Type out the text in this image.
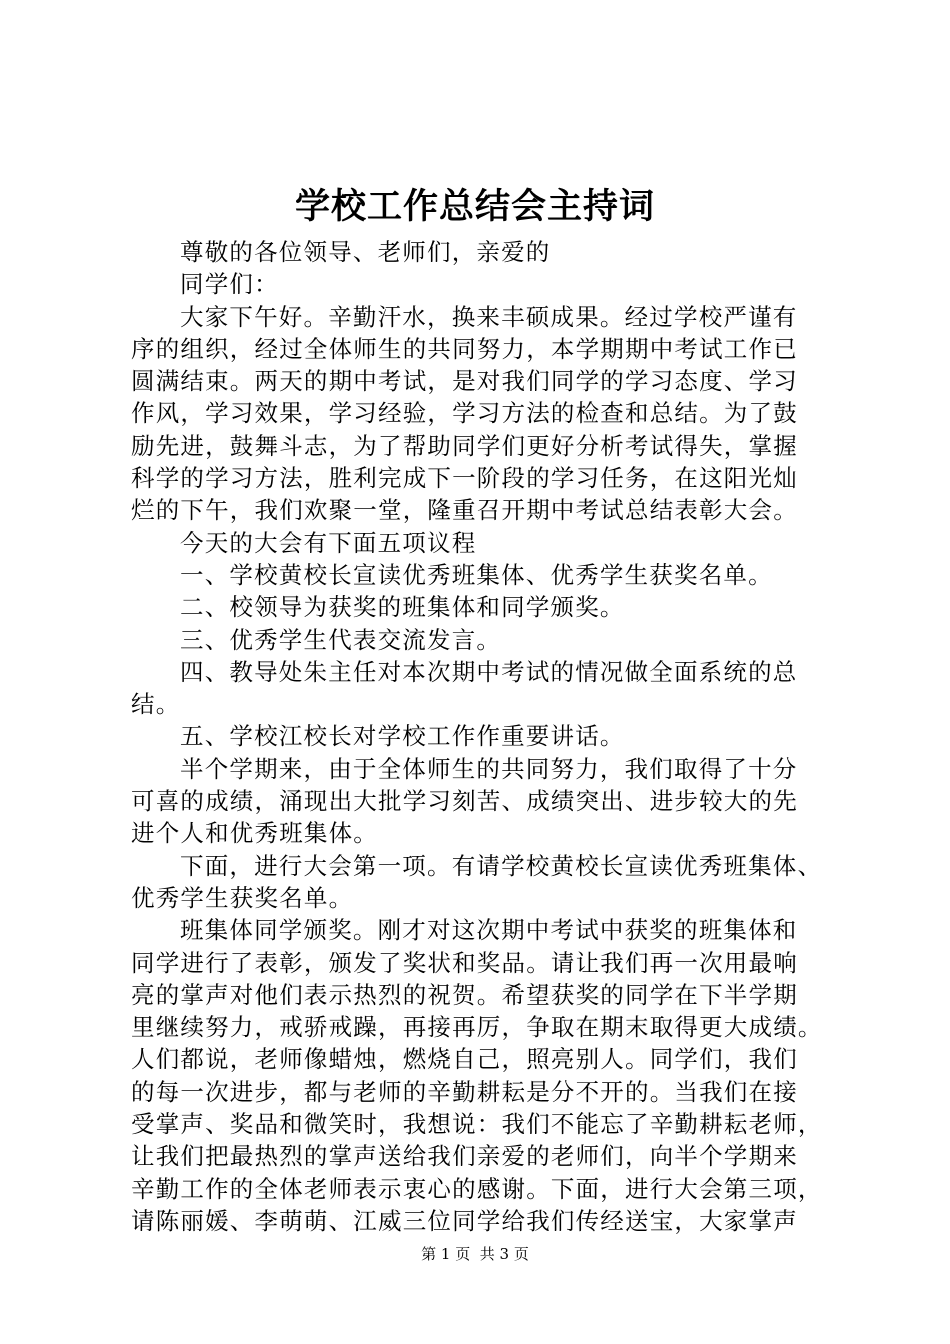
学校工作总结会主持词
尊敬的各位领导、老师们，亲爱的
同学们：
大家下午好。辛勤汗水，换来丰硕成果。经过学校严谨有
序的组织，经过全体师生的共同努力，本学期期中考试工作已
圆满结束。两天的期中考试，是对我们同学的学习态度、学习
作风，学习效果，学习经验，学习方法的检查和总结。为了鼓
励先进，鼓舞斗志，为了帮助同学们更好分析考试得失，掌握
科学的学习方法，胜利完成下一阶段的学习任务，在这阳光灿
烂的下午，我们欢聚一堂，隆重召开期中考试总结表彰大会。
今天的大会有下面五项议程
一、学校黄校长宣读优秀班集体、优秀学生获奖名单。
二、校领导为获奖的班集体和同学颁奖。
三、优秀学生代表交流发言。
四、教导处朱主任对本次期中考试的情况做全面系统的总
结。
五、学校江校长对学校工作作重要讲话。
半个学期来，由于全体师生的共同努力，我们取得了十分
可喜的成绩，涌现出大批学习刻苦、成绩突出、进步较大的先
进个人和优秀班集体。
下面，进行大会第一项。有请学校黄校长宣读优秀班集体、
优秀学生获奖名单。
班集体同学颁奖。刚才对这次期中考试中获奖的班集体和
同学进行了表彰，颁发了奖状和奖品。请让我们再一次用最响
亮的掌声对他们表示热烈的祝贺。希望获奖的同学在下半学期
里继续努力，戒骄戒躁，再接再厉，争取在期末取得更大成绩。
人们都说，老师像蜡烛，燃烧自己，照亮别人。同学们，我们
的每一次进步，都与老师的辛勤耕耘是分不开的。当我们在接
受掌声、奖品和微笑时，我想说：我们不能忘了辛勤耕耘老师，
让我们把最热烈的掌声送给我们亲爱的老师们，向半个学期来
辛勤工作的全体老师表示衷心的感谢。下面，进行大会第三项，
请陈丽媛、李萌萌、江威三位同学给我们传经送宝，大家掌声
第 1 页  共 3 页
